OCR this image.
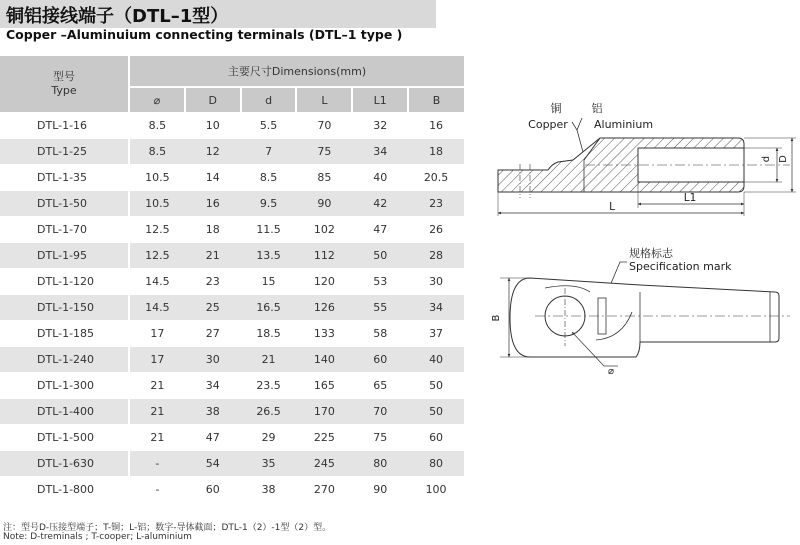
铜铝接线端子（DTL–1型）
Copper –Aluminuium connecting terminals (DTL–1 type )
型号
Type	主要尺寸Dimensions(mm)					
	⌀	D	d	L	L1	B
DTL-1-16	8.5	10	5.5	70	32	16
DTL-1-25	8.5	12	7	75	34	18
DTL-1-35	10.5	14	8.5	85	40	20.5
DTL-1-50	10.5	16	9.5	90	42	23
DTL-1-70	12.5	18	11.5	102	47	26
DTL-1-95	12.5	21	13.5	112	50	28
DTL-1-120	14.5	23	15	120	53	30
DTL-1-150	14.5	25	16.5	126	55	34
DTL-1-185	17	27	18.5	133	58	37
DTL-1-240	17	30	21	140	60	40
DTL-1-300	21	34	23.5	165	65	50
DTL-1-400	21	38	26.5	170	70	50
DTL-1-500	21	47	29	225	75	60
DTL-1-630	-	54	35	245	80	80
DTL-1-800	-	60	38	270	90	100
注：型号D-压接型端子；T-铜；L-铝；数字-导体截面；DTL-1（2）-1型（2）型。
Note: D-treminals ; T-cooper; L-aluminium
铜	铝
Copper Aluminium
d D
L1
L
规格标志
Specification mark
B
⌀
